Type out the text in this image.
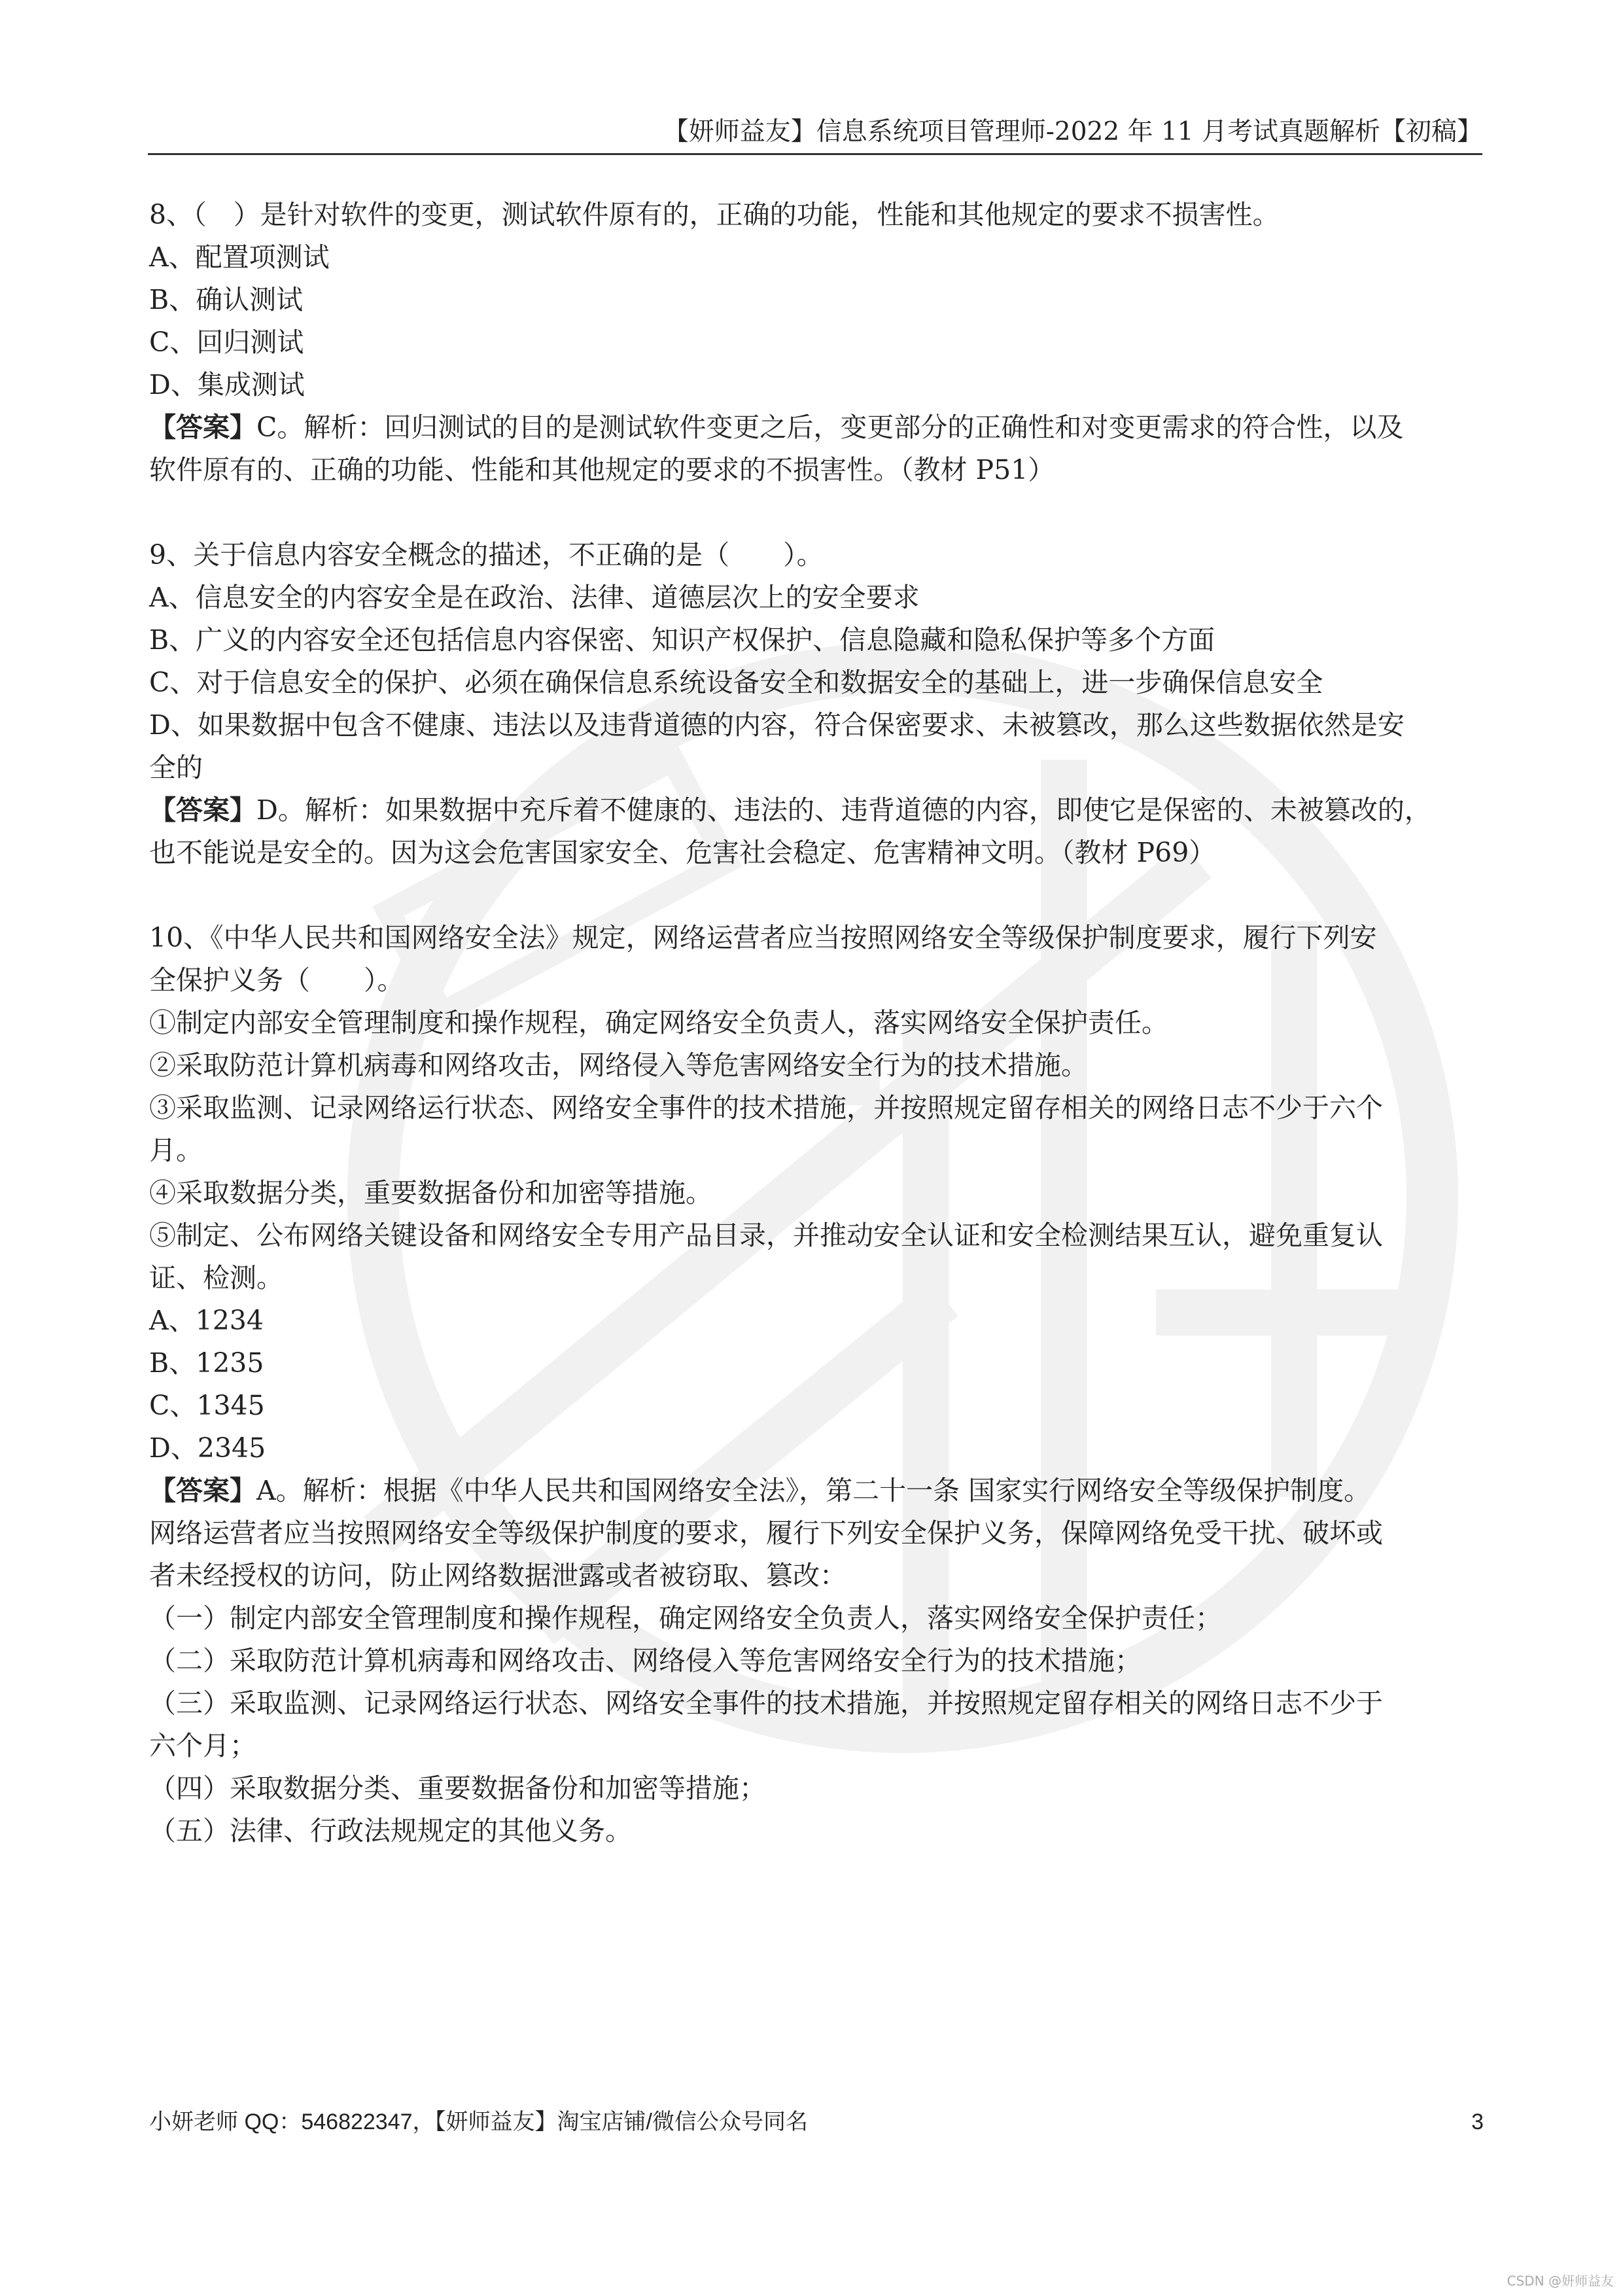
【妍师益友】信息系统项目管理师-2022 年 11 月考试真题解析【初稿】

8、（　）是针对软件的变更，测试软件原有的，正确的功能，性能和其他规定的要求不损害性。

A、配置项测试

B、确认测试

C、回归测试

D、集成测试

【答案】C。解析：回归测试的目的是测试软件变更之后，变更部分的正确性和对变更需求的符合性，以及

软件原有的、正确的功能、性能和其他规定的要求的不损害性。（教材 P51）

9、关于信息内容安全概念的描述，不正确的是（　　）。

A、信息安全的内容安全是在政治、法律、道德层次上的安全要求

B、广义的内容安全还包括信息内容保密、知识产权保护、信息隐藏和隐私保护等多个方面

C、对于信息安全的保护、必须在确保信息系统设备安全和数据安全的基础上，进一步确保信息安全

D、如果数据中包含不健康、违法以及违背道德的内容，符合保密要求、未被篡改，那么这些数据依然是安

全的

【答案】D。解析：如果数据中充斥着不健康的、违法的、违背道德的内容，即使它是保密的、未被篡改的，

也不能说是安全的。因为这会危害国家安全、危害社会稳定、危害精神文明。（教材 P69）

10、《中华人民共和国网络安全法》规定，网络运营者应当按照网络安全等级保护制度要求，履行下列安

全保护义务（　　）。

①制定内部安全管理制度和操作规程，确定网络安全负责人，落实网络安全保护责任。

②采取防范计算机病毒和网络攻击，网络侵入等危害网络安全行为的技术措施。

③采取监测、记录网络运行状态、网络安全事件的技术措施，并按照规定留存相关的网络日志不少于六个

月。

④采取数据分类，重要数据备份和加密等措施。

⑤制定、公布网络关键设备和网络安全专用产品目录，并推动安全认证和安全检测结果互认，避免重复认

证、检测。

A、1234

B、1235

C、1345

D、2345

【答案】A。解析：根据《中华人民共和国网络安全法》，第二十一条 国家实行网络安全等级保护制度。

网络运营者应当按照网络安全等级保护制度的要求，履行下列安全保护义务，保障网络免受干扰、破坏或

者未经授权的访问，防止网络数据泄露或者被窃取、篡改：

（一）制定内部安全管理制度和操作规程，确定网络安全负责人，落实网络安全保护责任；

（二）采取防范计算机病毒和网络攻击、网络侵入等危害网络安全行为的技术措施；

（三）采取监测、记录网络运行状态、网络安全事件的技术措施，并按照规定留存相关的网络日志不少于

六个月；

（四）采取数据分类、重要数据备份和加密等措施；

（五）法律、行政法规规定的其他义务。

小妍老师 QQ：546822347，【妍师益友】淘宝店铺/微信公众号同名	3
CSDN @妍师益友
